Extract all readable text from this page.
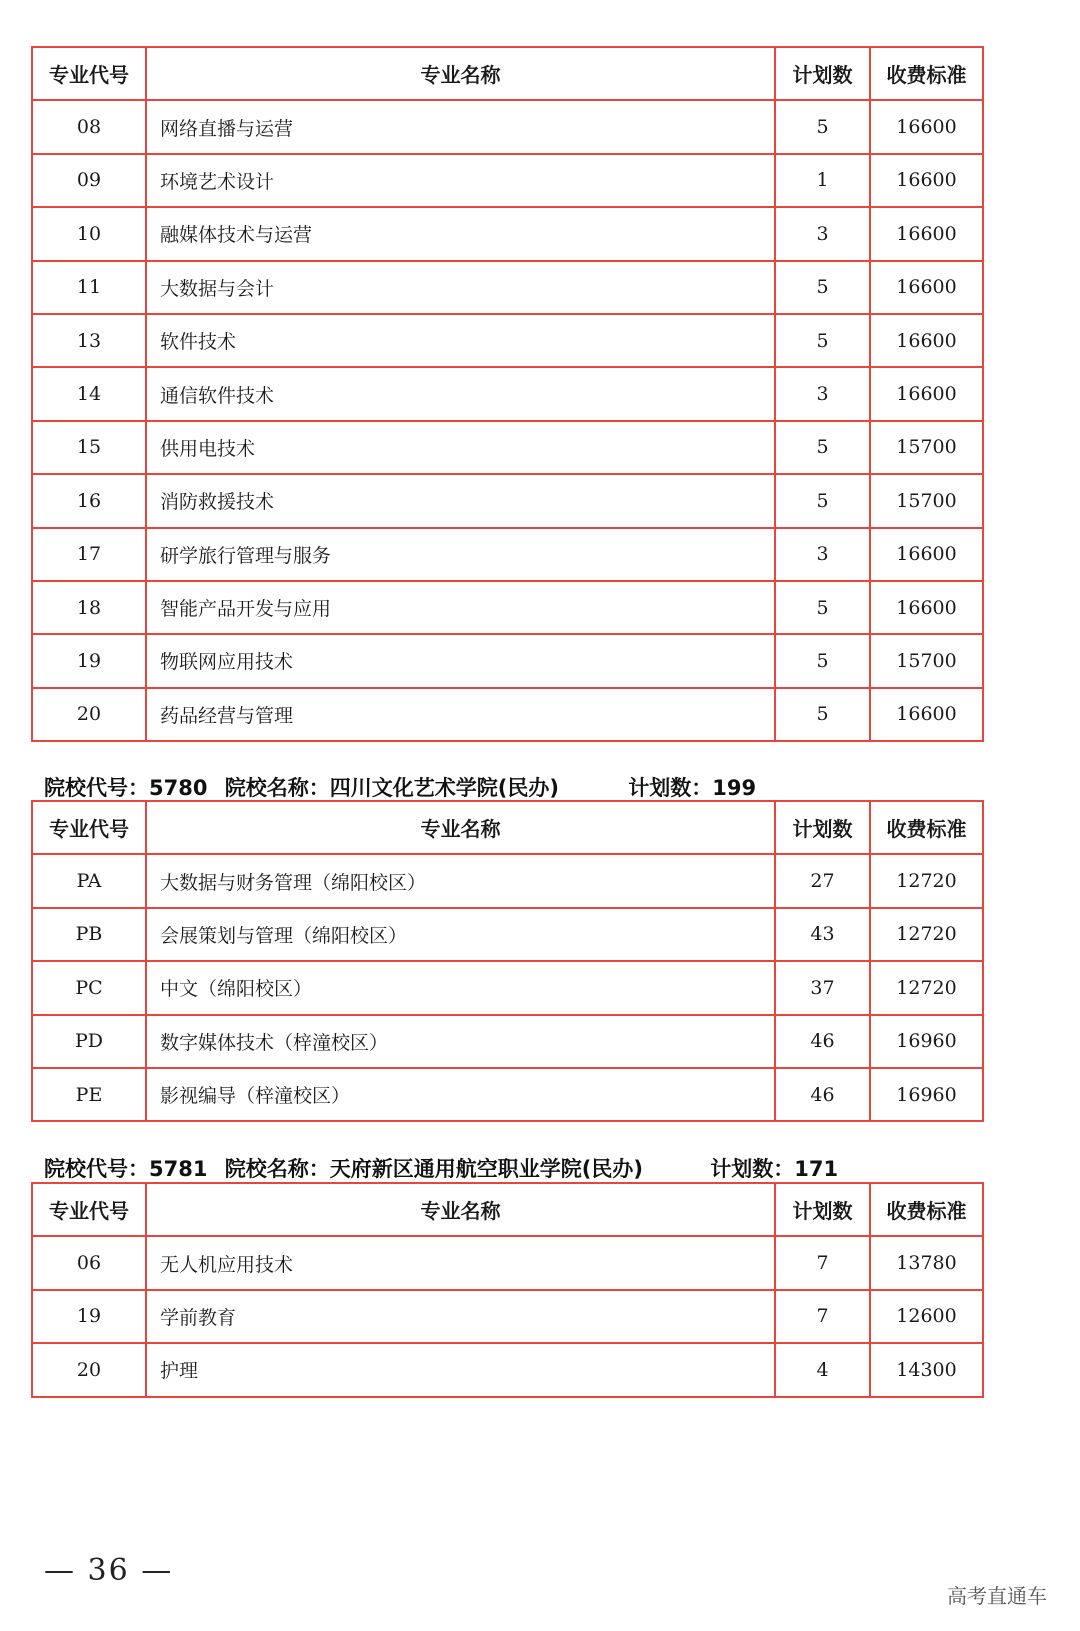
专业代号	专业名称	计划数	收费标准
08	网络直播与运营	5	16600
09	环境艺术设计	1	16600
10	融媒体技术与运营	3	16600
11	大数据与会计	5	16600
13	软件技术	5	16600
14	通信软件技术	3	16600
15	供用电技术	5	15700
16	消防救援技术	5	15700
17	研学旅行管理与服务	3	16600
18	智能产品开发与应用	5	16600
19	物联网应用技术	5	15700
20	药品经营与管理	5	16600
院校代号：5780 院校名称：四川文化艺术学院(民办)	计划数：199
专业代号	专业名称	计划数	收费标准
PA	大数据与财务管理（绵阳校区）	27	12720
PB	会展策划与管理（绵阳校区）	43	12720
PC	中文（绵阳校区）	37	12720
PD	数字媒体技术（梓潼校区）	46	16960
PE	影视编导（梓潼校区）	46	16960
院校代号：5781 院校名称：天府新区通用航空职业学院(民办)	计划数：171
专业代号	专业名称	计划数	收费标准
06	无人机应用技术	7	13780
19	学前教育	7	12600
20	护理	4	14300
— 36 —
高考直通车
